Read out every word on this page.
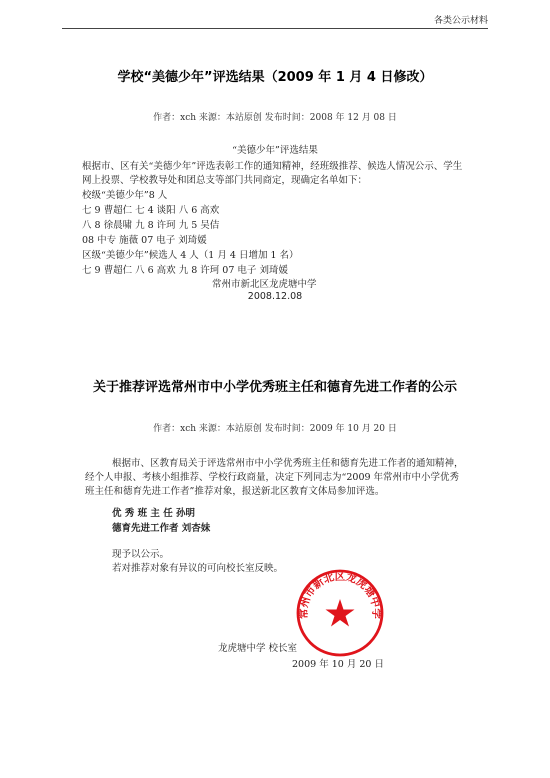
各类公示材料
学校“美德少年”评选结果（2009 年 1 月 4 日修改）
作者：xch 来源：本站原创 发布时间：2008 年 12 月 08 日
“美德少年”评选结果
根据市、区有关“美德少年”评选表彰工作的通知精神，经班级推荐、候选人情况公示、学生
网上投票、学校教导处和团总支等部门共同商定，现确定名单如下：
校级“美德少年”8 人
七 9 曹超仁 七 4 谈阳 八 6 高欢
八 8 徐晨啸 九 8 许珂 九 5 吴佶
08 中专 施薇 07 电子 刘琦媛
区级“美德少年”候选人 4 人（1 月 4 日增加 1 名）
七 9 曹超仁 八 6 高欢 九 8 许珂 07 电子 刘琦媛
常州市新北区龙虎塘中学
2008.12.08
关于推荐评选常州市中小学优秀班主任和德育先进工作者的公示
作者：xch 来源：本站原创 发布时间：2009 年 10 月 20 日
根据市、区教育局关于评选常州市中小学优秀班主任和德育先进工作者的通知精神，
经个人申报、考核小组推荐、学校行政商量，决定下列同志为“2009 年常州市中小学优秀
班主任和德育先进工作者”推荐对象，报送新北区教育文体局参加评选。
优 秀 班 主 任 孙明
德育先进工作者 刘杏妹
现予以公示。
若对推荐对象有异议的可向校长室反映。
常州市新北区龙虎塘中学
龙虎塘中学 校长室
2009 年 10 月 20 日
